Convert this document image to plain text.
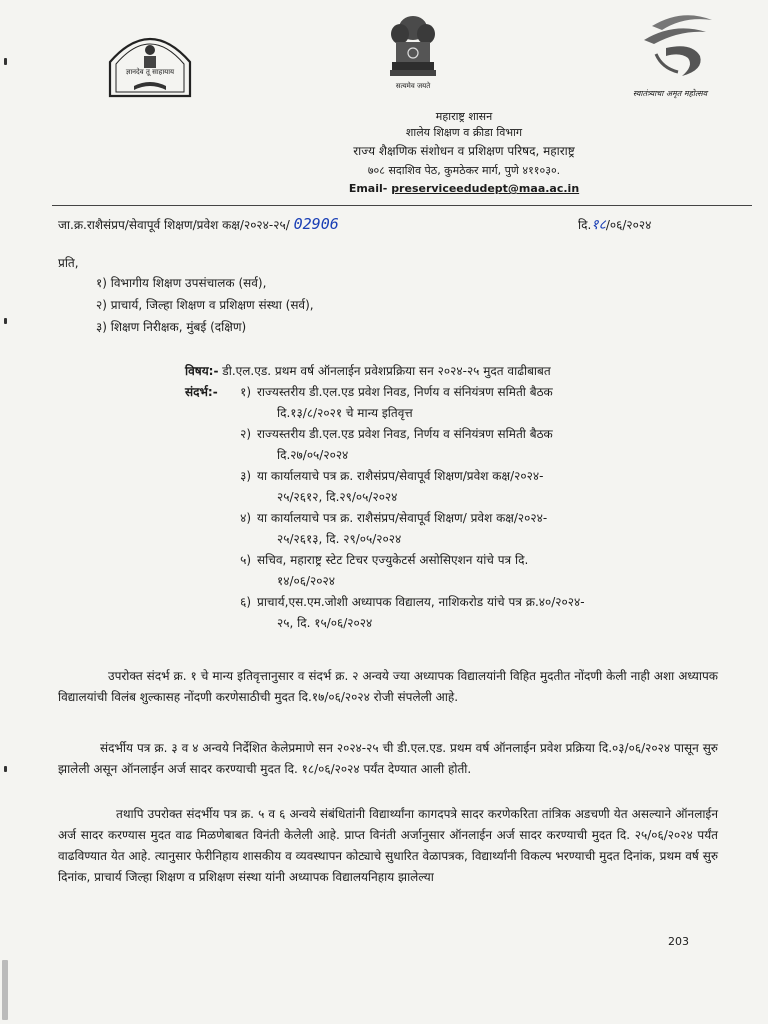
ज्ञानदेव तू साहायाय
सत्यमेव जयते
स्वातंत्र्याचा अमृत महोत्सव
महाराष्ट्र शासन
शालेय शिक्षण व क्रीडा विभाग
राज्य शैक्षणिक संशोधन व प्रशिक्षण परिषद, महाराष्ट्र
७०८ सदाशिव पेठ, कुमठेकर मार्ग, पुणे ४११०३०.
Email- preserviceedudept@maa.ac.in
जा.क्र.राशैसंप्रप/सेवापूर्व शिक्षण/प्रवेश कक्ष/२०२४-२५/ 02906	दि.१८/०६/२०२४
प्रति,
१) विभागीय शिक्षण उपसंचालक (सर्व),
२) प्राचार्य, जिल्हा शिक्षण व प्रशिक्षण संस्था (सर्व),
३) शिक्षण निरीक्षक, मुंबई (दक्षिण)
विषय:- डी.एल.एड. प्रथम वर्ष ऑनलाईन प्रवेशप्रक्रिया सन २०२४-२५ मुदत वाढीबाबत
संदर्भ:-	१) राज्यस्तरीय डी.एल.एड प्रवेश निवड, निर्णय व संनियंत्रण समिती बैठक
दि.१३/८/२०२१ चे मान्य इतिवृत्त
२) राज्यस्तरीय डी.एल.एड प्रवेश निवड, निर्णय व संनियंत्रण समिती बैठक
दि.२७/०५/२०२४
३) या कार्यालयाचे पत्र क्र. राशैसंप्रप/सेवापूर्व शिक्षण/प्रवेश कक्ष/२०२४-
२५/२६१२, दि.२९/०५/२०२४
४) या कार्यालयाचे पत्र क्र. राशैसंप्रप/सेवापूर्व शिक्षण/ प्रवेश कक्ष/२०२४-
२५/२६१३, दि. २९/०५/२०२४
५) सचिव, महाराष्ट्र स्टेट टिचर एज्युकेटर्स असोसिएशन यांचे पत्र दि.
१४/०६/२०२४
६) प्राचार्य,एस.एम.जोशी अध्यापक विद्यालय, नाशिकरोड यांचे पत्र क्र.४०/२०२४-
२५, दि. १५/०६/२०२४
उपरोक्त संदर्भ क्र. १ चे मान्य इतिवृत्तानुसार व संदर्भ क्र. २ अन्वये ज्या अध्यापक विद्यालयांनी विहित मुदतीत नोंदणी केली नाही अशा अध्यापक विद्यालयांची विलंब शुल्कासह नोंदणी करणेसाठीची मुदत दि.१७/०६/२०२४ रोजी संपलेली आहे.
संदर्भीय पत्र क्र. ३ व ४ अन्वये निर्देशित केलेप्रमाणे सन २०२४-२५ ची डी.एल.एड. प्रथम वर्ष ऑनलाईन प्रवेश प्रक्रिया दि.०३/०६/२०२४ पासून सुरु झालेली असून ऑनलाईन अर्ज सादर करण्याची मुदत दि. १८/०६/२०२४ पर्यंत देण्यात आली होती.
तथापि उपरोक्त संदर्भीय पत्र क्र. ५ व ६ अन्वये संबंधितांनी विद्यार्थ्यांना कागदपत्रे सादर करणेकरिता तांत्रिक अडचणी येत असल्याने ऑनलाईन अर्ज सादर करण्यास मुदत वाढ मिळणेबाबत विनंती केलेली आहे. प्राप्त विनंती अर्जानुसार ऑनलाईन अर्ज सादर करण्याची मुदत दि. २५/०६/२०२४ पर्यंत वाढविण्यात येत आहे. त्यानुसार फेरीनिहाय शासकीय व व्यवस्थापन कोट्याचे सुधारित वेळापत्रक, विद्यार्थ्यांनी विकल्प भरण्याची मुदत दिनांक, प्रथम वर्ष सुरु दिनांक, प्राचार्य जिल्हा शिक्षण व प्रशिक्षण संस्था यांनी अध्यापक विद्यालयनिहाय झालेल्या
203
